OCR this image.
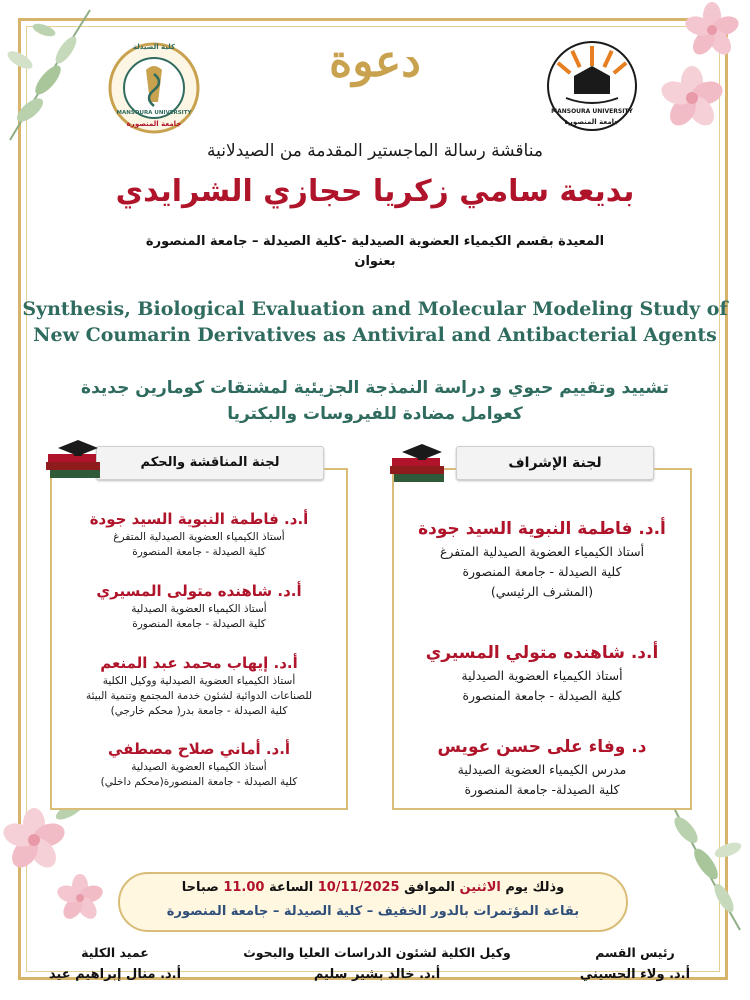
كلية الصيدلة
MANSOURA UNIVERSITY
جامعة المنصورة
MANSOURA UNIVERSITY
جامعة المنصورة
دعوة
مناقشة رسالة الماجستير المقدمة من الصيدلانية
بديعة سامي زكريا حجازي الشرايدي
المعيدة بقسم الكيمياء العضوية الصيدلية -كلية الصيدلة – جامعة المنصورة
بعنوان
Synthesis, Biological Evaluation and Molecular Modeling Study of
New Coumarin Derivatives as Antiviral and Antibacterial Agents
تشييد وتقييم حيوي و دراسة النمذجة الجزيئية لمشتقات كومارين جديدة
كعوامل مضادة للفيروسات والبكتريا
لجنة المناقشة والحكم	لجنة الإشراف
أ.د. فاطمة النبوية السيد جودة
أستاذ الكيمياء العضوية الصيدلية المتفرغ
كلية الصيدلة - جامعة المنصورة
أ.د. شاهنده متولى المسيري
أستاذ الكيمياء العضوية الصيدلية
كلية الصيدلة - جامعة المنصورة
أ.د. إيهاب محمد عبد المنعم
أستاذ الكيمياء العضوية الصيدلية ووكيل الكلية
للصناعات الدوائية لشئون خدمة المجتمع وتنمية البيئة
كلية الصيدلة - جامعة بدر( محكم خارجي)
أ.د. أماني صلاح مصطفي
أستاذ الكيمياء العضوية الصيدلية
كلية الصيدلة - جامعة المنصورة(محكم داخلي)
أ.د. فاطمة النبوية السيد جودة
أستاذ الكيمياء العضوية الصيدلية المتفرغ
كلية الصيدلة - جامعة المنصورة
(المشرف الرئيسي)
أ.د. شاهنده متولي المسيري
أستاذ الكيمياء العضوية الصيدلية
كلية الصيدلة - جامعة المنصورة
د. وفاء على حسن عويس
مدرس الكيمياء العضوية الصيدلية
كلية الصيدلة- جامعة المنصورة
وذلك يوم الاثنين الموافق 10/11/2025 الساعة 11.00 صباحا
بقاعة المؤتمرات بالدور الخفيف – كلية الصيدلة – جامعة المنصورة
عميد الكلية
أ.د. منال إبراهيم عيد
وكيل الكلية لشئون الدراسات العليا والبحوث
أ.د. خالد بشير سليم
رئيس القسم
أ.د. ولاء الحسيني
